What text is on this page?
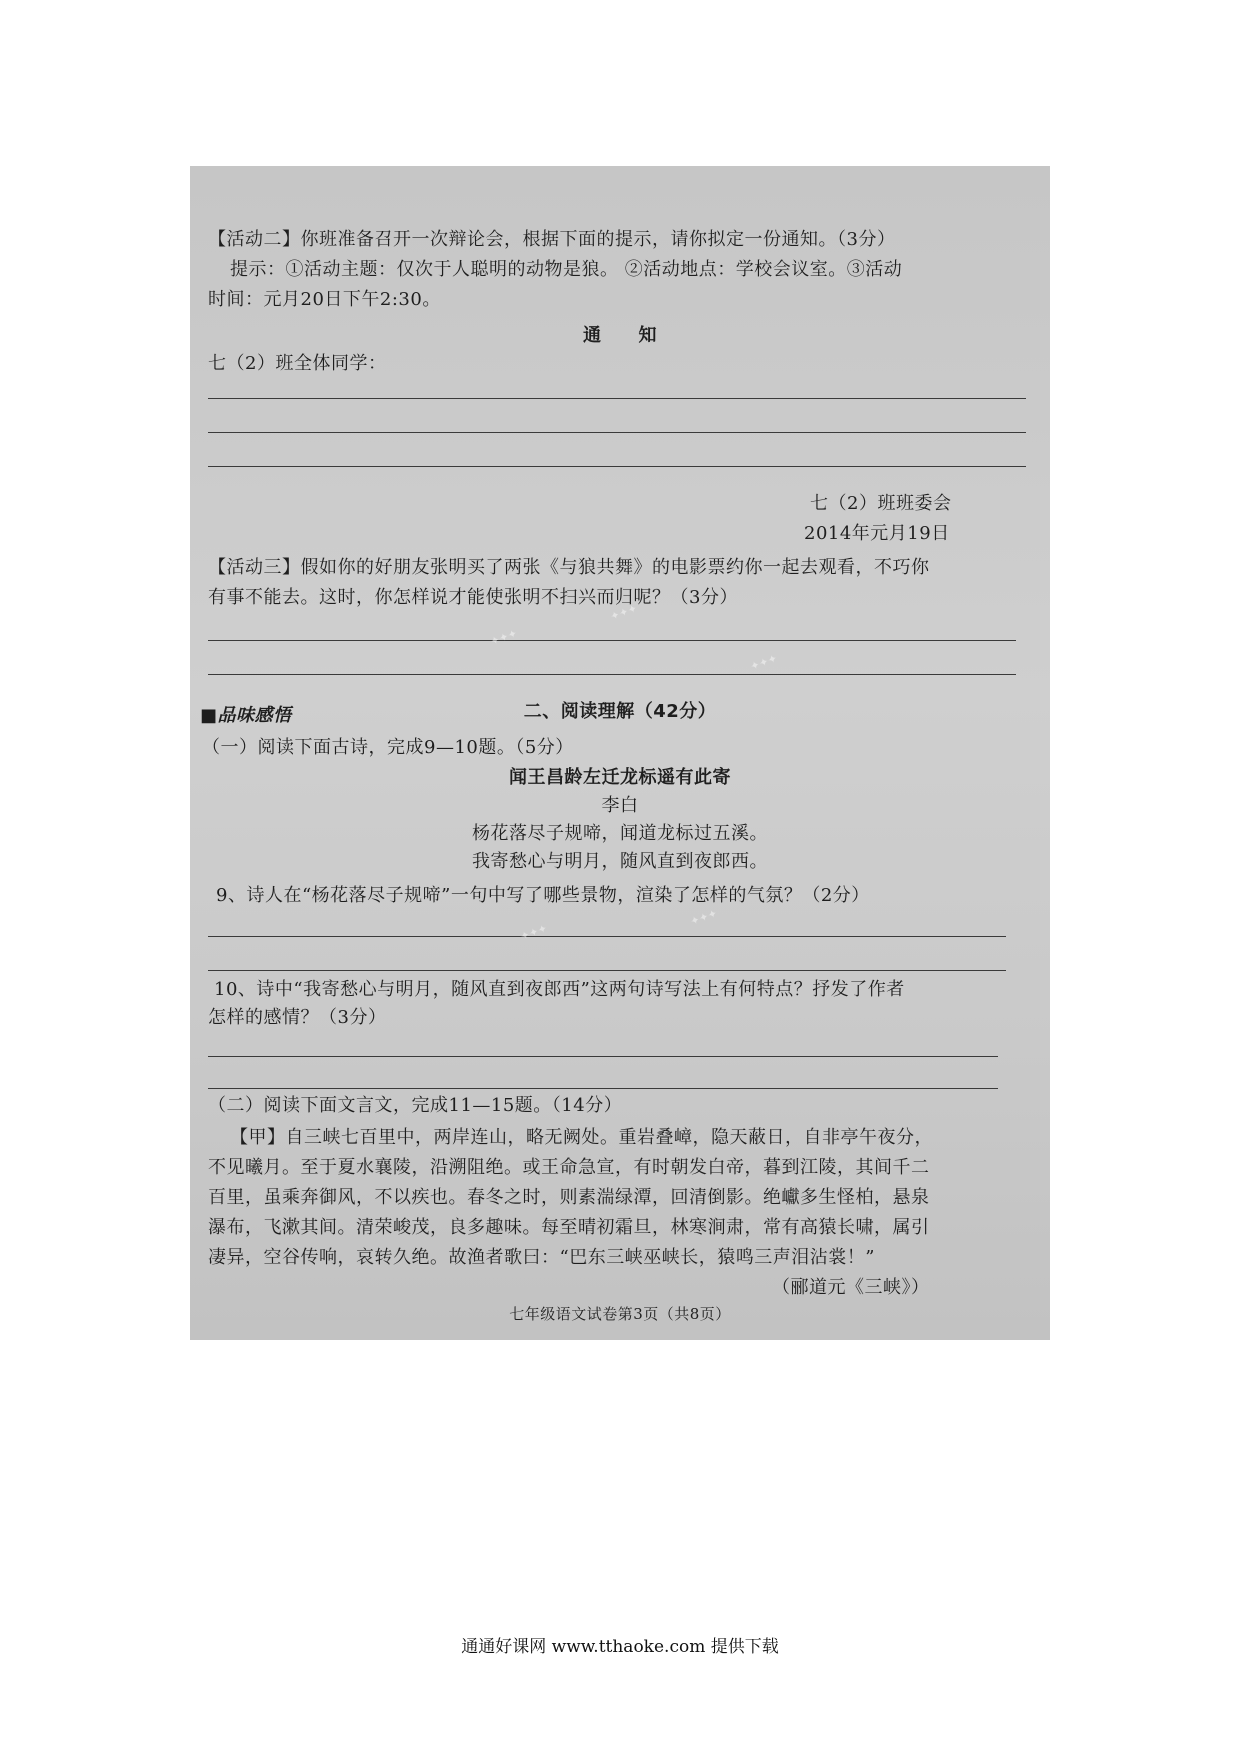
【活动二】你班准备召开一次辩论会，根据下面的提示，请你拟定一份通知。（3分）
提示：①活动主题：仅次于人聪明的动物是狼。 ②活动地点：学校会议室。③活动
时间：元月20日下午2:30。
通　　知
七（2）班全体同学：
七（2）班班委会
2014年元月19日
【活动三】假如你的好朋友张明买了两张《与狼共舞》的电影票约你一起去观看，不巧你
有事不能去。这时，你怎样说才能使张明不扫兴而归呢？（3分）
■品味感悟	二、阅读理解（42分）
（一）阅读下面古诗，完成9—10题。（5分）
闻王昌龄左迁龙标遥有此寄
李白
杨花落尽子规啼，闻道龙标过五溪。
我寄愁心与明月，随风直到夜郎西。
9、诗人在“杨花落尽子规啼”一句中写了哪些景物，渲染了怎样的气氛？（2分）
10、诗中“我寄愁心与明月，随风直到夜郎西”这两句诗写法上有何特点？抒发了作者
怎样的感情？（3分）
（二）阅读下面文言文，完成11—15题。（14分）
【甲】自三峡七百里中，两岸连山，略无阙处。重岩叠嶂，隐天蔽日，自非亭午夜分，
不见曦月。至于夏水襄陵，沿溯阻绝。或王命急宣，有时朝发白帝，暮到江陵，其间千二
百里，虽乘奔御风，不以疾也。春冬之时，则素湍绿潭，回清倒影。绝巘多生怪柏，悬泉
瀑布，飞漱其间。清荣峻茂，良多趣味。每至晴初霜旦，林寒涧肃，常有高猿长啸，属引
凄异，空谷传响，哀转久绝。故渔者歌曰：“巴东三峡巫峡长，猿鸣三声泪沾裳！”
（郦道元《三峡》）
七年级语文试卷第3页（共8页）
✦✦✦
✦✦✦
✦✦✦
✦✦✦
✦✦✦
通通好课网 www.tthaoke.com 提供下载
